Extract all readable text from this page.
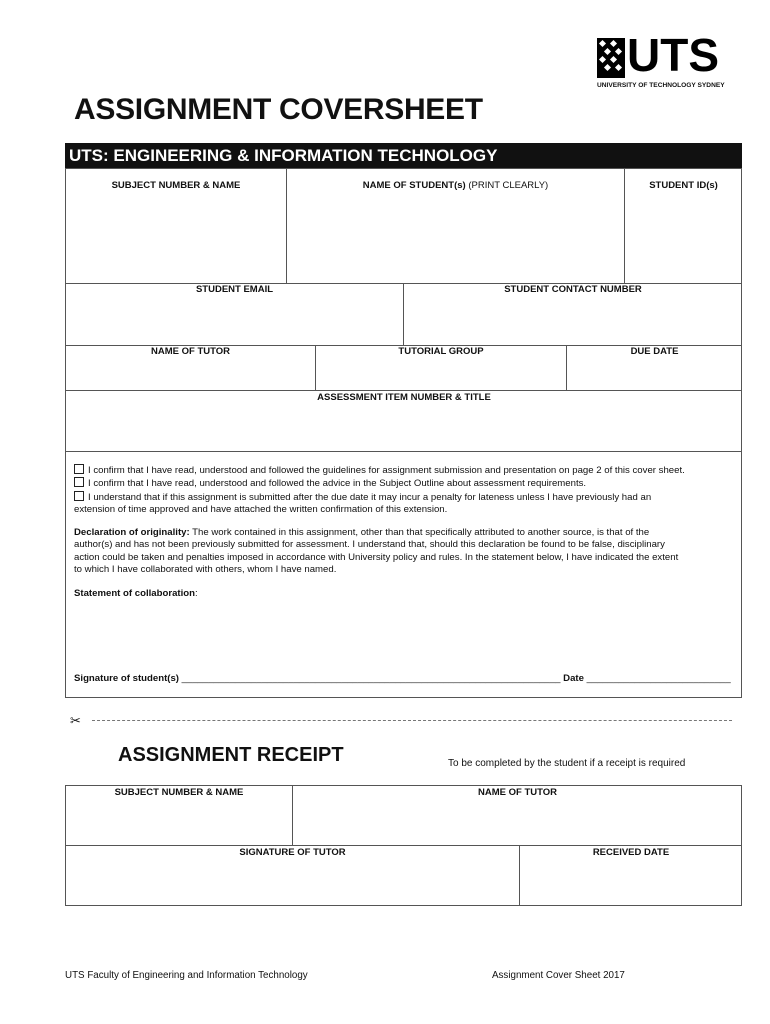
UTS
UNIVERSITY OF TECHNOLOGY SYDNEY
ASSIGNMENT COVERSHEET
UTS: ENGINEERING & INFORMATION TECHNOLOGY
SUBJECT NUMBER & NAME	NAME OF STUDENT(s) (PRINT CLEARLY)	STUDENT ID(s)
STUDENT EMAIL	STUDENT CONTACT NUMBER
NAME OF TUTOR	TUTORIAL GROUP	DUE DATE
ASSESSMENT ITEM NUMBER & TITLE
I confirm that I have read, understood and followed the guidelines for assignment submission and presentation on page 2 of this cover sheet.
I confirm that I have read, understood and followed the advice in the Subject Outline about assessment requirements.
I understand that if this assignment is submitted after the due date it may incur a penalty for lateness unless I have previously had an
extension of time approved and have attached the written confirmation of this extension.
Declaration of originality: The work contained in this assignment, other than that specifically attributed to another source, is that of the
author(s) and has not been previously submitted for assessment. I understand that, should this declaration be found to be false, disciplinary
action could be taken and penalties imposed in accordance with University policy and rules. In the statement below, I have indicated the extent
to which I have collaborated with others, whom I have named.
Statement of collaboration:
Signature of student(s) _______________________________________________________________________ Date ___________________________
✂
ASSIGNMENT RECEIPT	To be completed by the student if a receipt is required
SUBJECT NUMBER & NAME	NAME OF TUTOR
SIGNATURE OF TUTOR	RECEIVED DATE
UTS Faculty of Engineering and Information Technology	Assignment Cover Sheet 2017
